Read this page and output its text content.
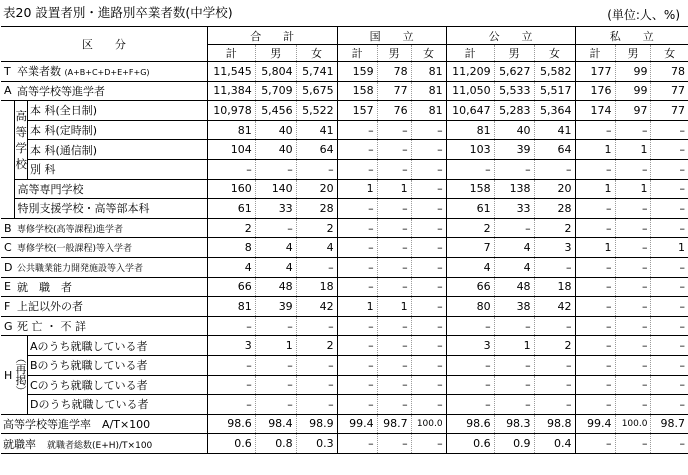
表20 設置者別・進路別卒業者数(中学校)	(単位:人、%)
区　　分			合　　計			国　　立			公　　立			私　　立		
			計	男	女	計	男	女	計	男	女	計	男	女
T	卒業者数 (A+B+C+D+E+F+G)		11,545	5,804	5,741	159	78	81	11,209	5,627	5,582	177	99	78
A	高等学校等進学者		11,384	5,709	5,675	158	77	81	11,050	5,533	5,517	176	99	77
	高
等
学
校	本 科(全日制)	10,978	5,456	5,522	157	76	81	10,647	5,283	5,364	174	97	77
		本 科(定時制)	81	40	41	–	–	–	81	40	41	–	–	–
		本 科(通信制)	104	40	64	–	–	–	103	39	64	1	1	–
		別 科	–	–	–	–	–	–	–	–	–	–	–	–
	高等専門学校		160	140	20	1	1	–	158	138	20	1	1	–
	特別支援学校・高等部本科		61	33	28	–	–	–	61	33	28	–	–	–
B	専修学校(高等課程)進学者		2	–	2	–	–	–	2	–	2	–	–	–
C	専修学校(一般課程)等入学者		8	4	4	–	–	–	7	4	3	1	–	1
D	公共職業能力開発施設等入学者		4	4	–	–	–	–	4	4	–	–	–	–
E	就　職　者		66	48	18	–	–	–	66	48	18	–	–	–
F	上記以外の者		81	39	42	1	1	–	80	38	42	–	–	–
G	死 亡 ・ 不 詳		–	–	–	–	–	–	–	–	–	–	–	–
H	︵
再
掲
︶	Aのうち就職している者	3	1	2	–	–	–	3	1	2	–	–	–
		Bのうち就職している者	–	–	–	–	–	–	–	–	–	–	–	–
		Cのうち就職している者	–	–	–	–	–	–	–	–	–	–	–	–
		Dのうち就職している者	–	–	–	–	–	–	–	–	–	–	–	–
高等学校等進学率　 A/T×100			98.6	98.4	98.9	99.4	98.7	100.0	98.6	98.3	98.8	99.4	100.0	98.7
就職率　 就職者総数(E+H)/T×100			0.6	0.8	0.3	–	–	–	0.6	0.9	0.4	–	–	–
